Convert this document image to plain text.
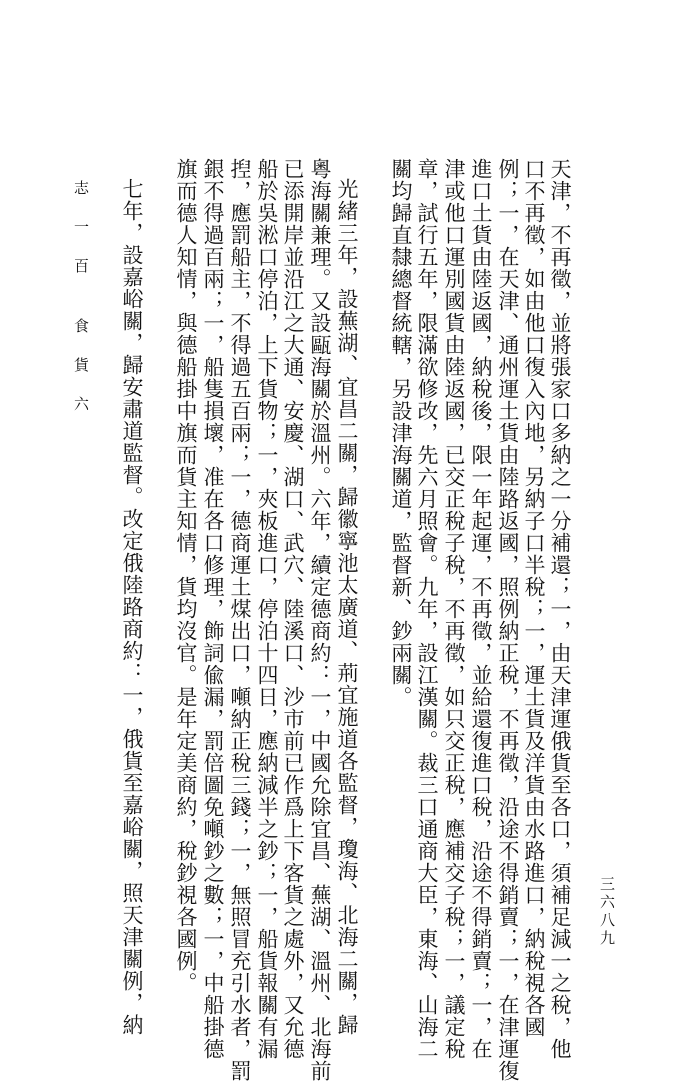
三六八九
食 貨 六
志 一 百	天津，不再徵，並將張家口多納之一分補還；一，由天津運俄貨至各口，須補足減一之稅，他
口不再徵，如由他口復入內地，另納子口半稅；一，運土貨及洋貨由水路進口，納稅視各國
例；一，在天津、通州運土貨由陸路返國，照例納正稅，不再徵，沿途不得銷賣；一，在津運復
進口土貨由陸返國，納稅後，限一年起運，不再徵，並給還復進口稅，沿途不得銷賣；一，在
津或他口運別國貨由陸返國，已交正稅子稅，不再徵，如只交正稅，應補交子稅；一，議定稅
章，試行五年，限滿欲修改，先六月照會。九年，設江漢關。裁三口通商大臣，東海、山海二
關均歸直隸總督統轄，另設津海關道，監督新、鈔兩關。
光緒三年，設蕪湖、宜昌二關，歸徽寧池太廣道、荊宜施道各監督，瓊海、北海二關，歸
粵海關兼理。又設甌海關於溫州。六年，續定德商約：一，中國允除宜昌、蕪湖、溫州、北海前
已添開岸並沿江之大通、安慶、湖口、武穴、陸溪口、沙市前已作爲上下客貨之處外，又允德
船於吳淞口停泊，上下貨物；一，夾板進口，停泊十四日，應納減半之鈔；一，船貨報關有漏
揑，應罰船主，不得過五百兩；一，德商運土煤出口，噸納正稅三錢；一，無照冒充引水者，罰
銀不得過百兩；一，船隻損壞，准在各口修理，飾詞偸漏，罰倍圖免噸鈔之數；一，中船掛德
旗而德人知情，與德船掛中旗而貨主知情，貨均沒官。是年定美商約，稅鈔視各國例。
七年，設嘉峪關，歸安肅道監督。改定俄陸路商約：一，俄貨至嘉峪關，照天津關例，納
